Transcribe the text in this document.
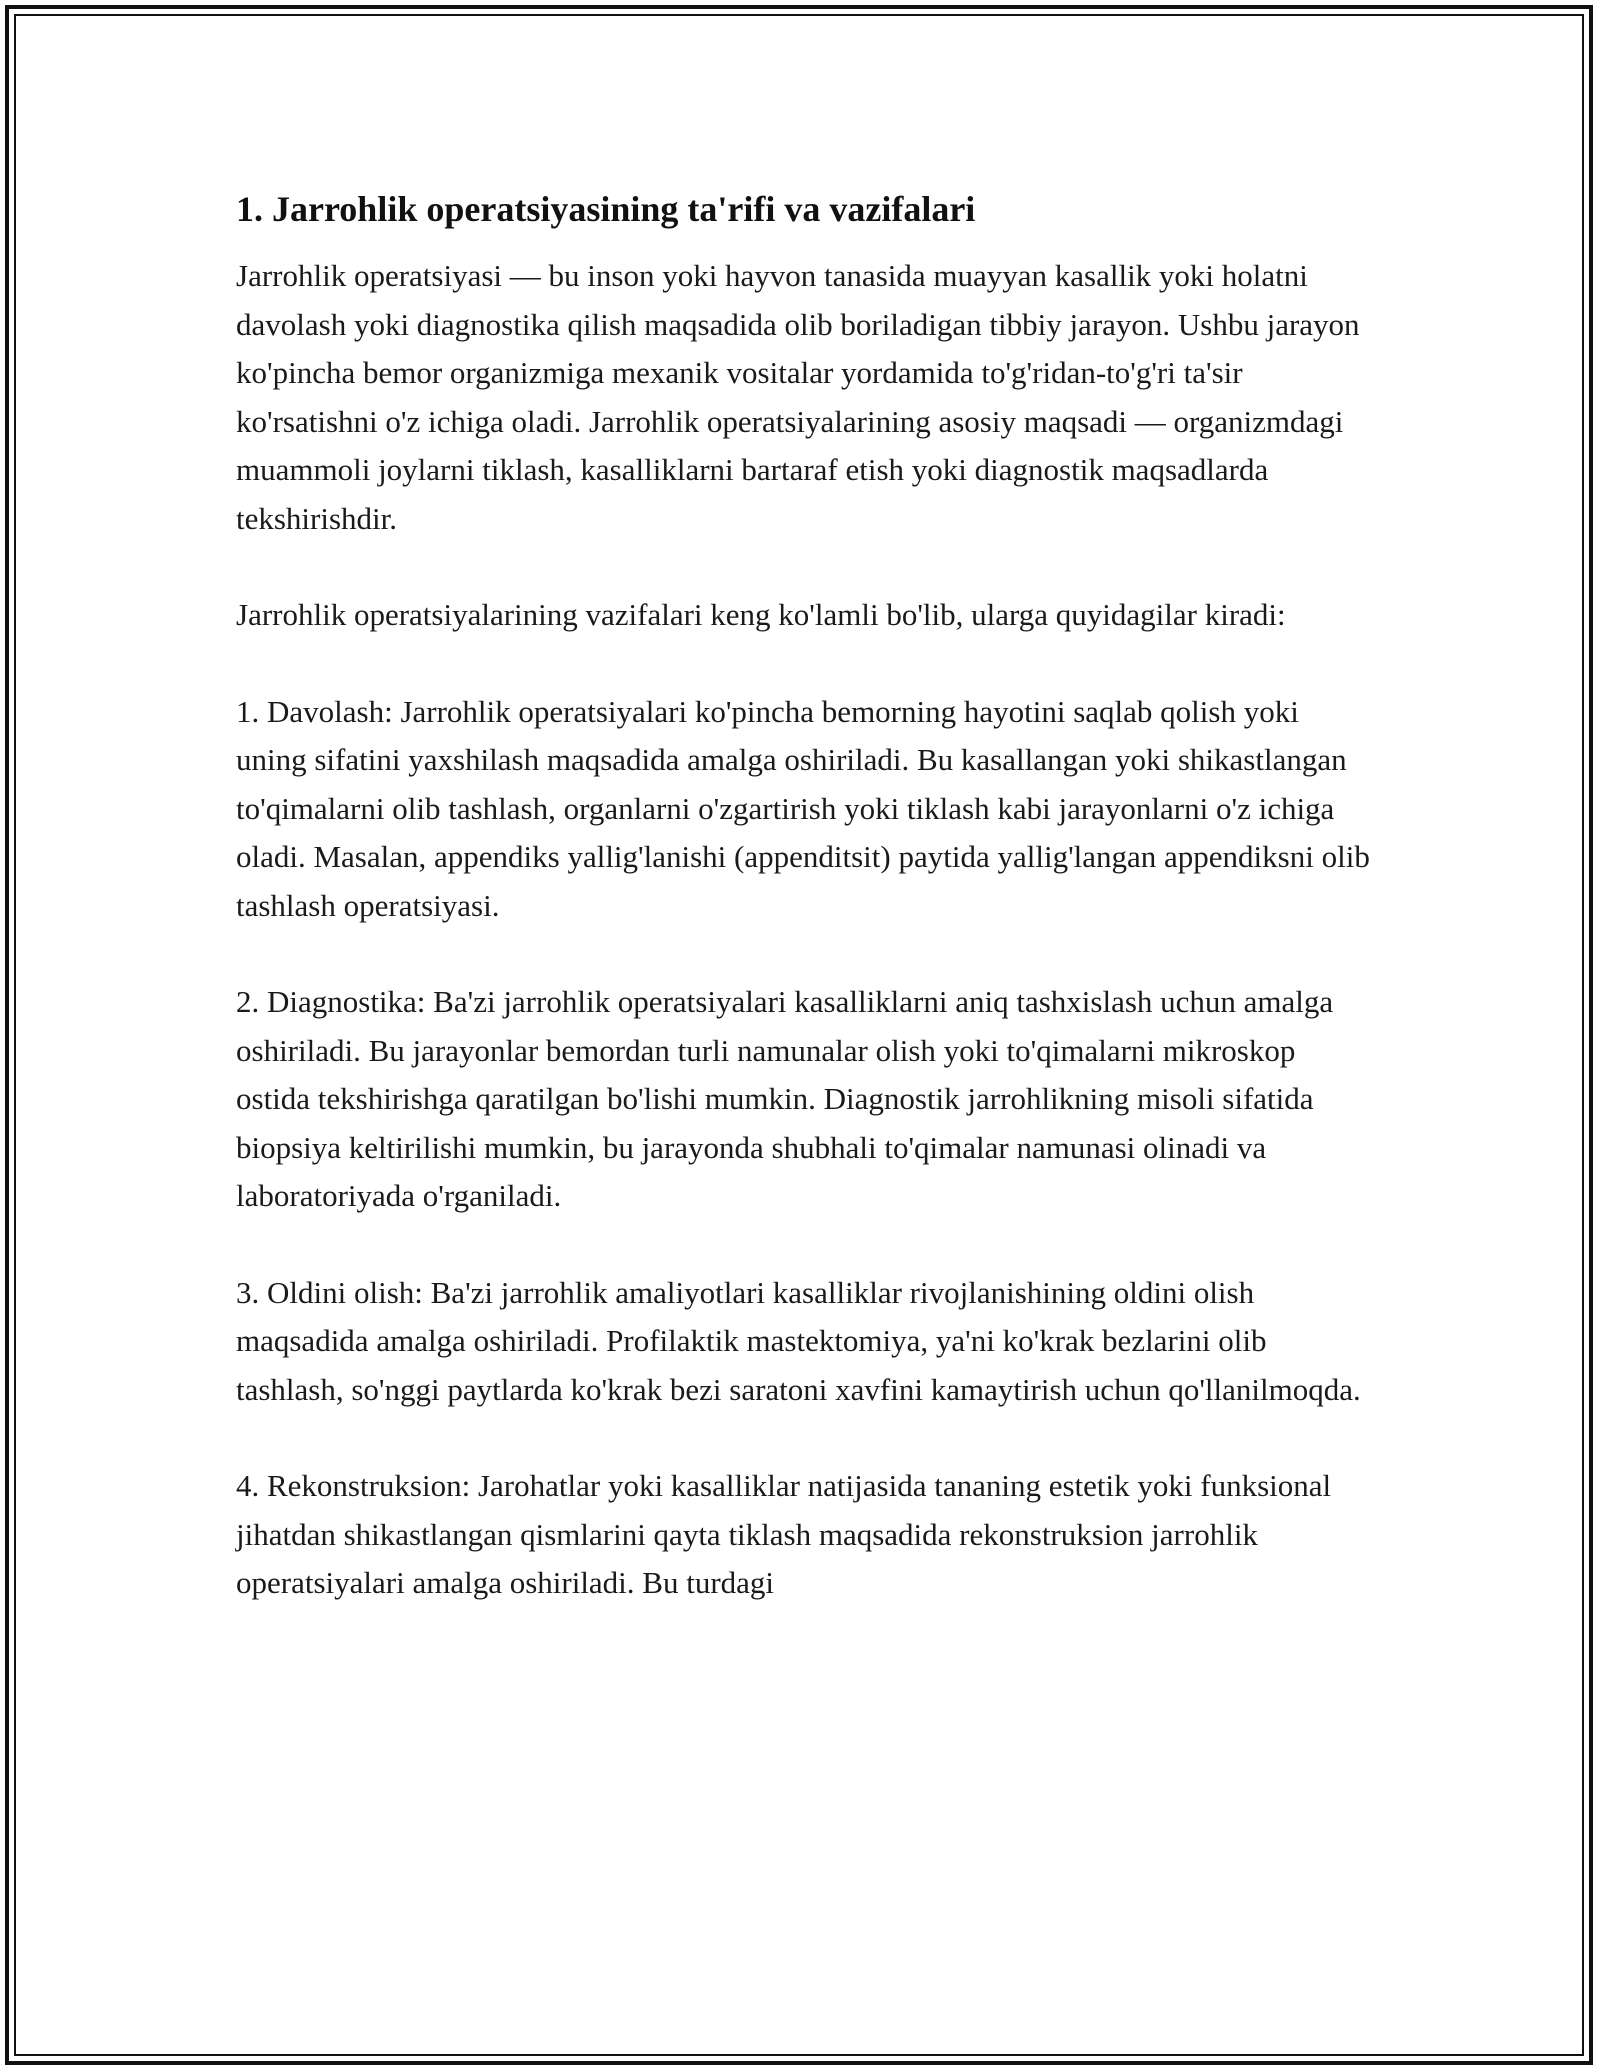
1. Jarrohlik operatsiyasining ta'rifi va vazifalari

Jarrohlik operatsiyasi — bu inson yoki hayvon tanasida muayyan kasallik yoki holatni davolash yoki diagnostika qilish maqsadida olib boriladigan tibbiy jarayon. Ushbu jarayon ko'pincha bemor organizmiga mexanik vositalar yordamida to'g'ridan-to'g'ri ta'sir ko'rsatishni o'z ichiga oladi. Jarrohlik operatsiyalarining asosiy maqsadi — organizmdagi muammoli joylarni tiklash, kasalliklarni bartaraf etish yoki diagnostik maqsadlarda tekshirishdir.

Jarrohlik operatsiyalarining vazifalari keng ko'lamli bo'lib, ularga quyidagilar kiradi:

1. Davolash: Jarrohlik operatsiyalari ko'pincha bemorning hayotini saqlab qolish yoki uning sifatini yaxshilash maqsadida amalga oshiriladi. Bu kasallangan yoki shikastlangan to'qimalarni olib tashlash, organlarni o'zgartirish yoki tiklash kabi jarayonlarni o'z ichiga oladi. Masalan, appendiks yallig'lanishi (appenditsit) paytida yallig'langan appendiksni olib tashlash operatsiyasi.

2. Diagnostika: Ba'zi jarrohlik operatsiyalari kasalliklarni aniq tashxislash uchun amalga oshiriladi. Bu jarayonlar bemordan turli namunalar olish yoki to'qimalarni mikroskop ostida tekshirishga qaratilgan bo'lishi mumkin. Diagnostik jarrohlikning misoli sifatida biopsiya keltirilishi mumkin, bu jarayonda shubhali to'qimalar namunasi olinadi va laboratoriyada o'rganiladi.

3. Oldini olish: Ba'zi jarrohlik amaliyotlari kasalliklar rivojlanishining oldini olish maqsadida amalga oshiriladi. Profilaktik mastektomiya, ya'ni ko'krak bezlarini olib tashlash, so'nggi paytlarda ko'krak bezi saratoni xavfini kamaytirish uchun qo'llanilmoqda.

4. Rekonstruksion: Jarohatlar yoki kasalliklar natijasida tananing estetik yoki funksional jihatdan shikastlangan qismlarini qayta tiklash maqsadida rekonstruksion jarrohlik operatsiyalari amalga oshiriladi. Bu turdagi
